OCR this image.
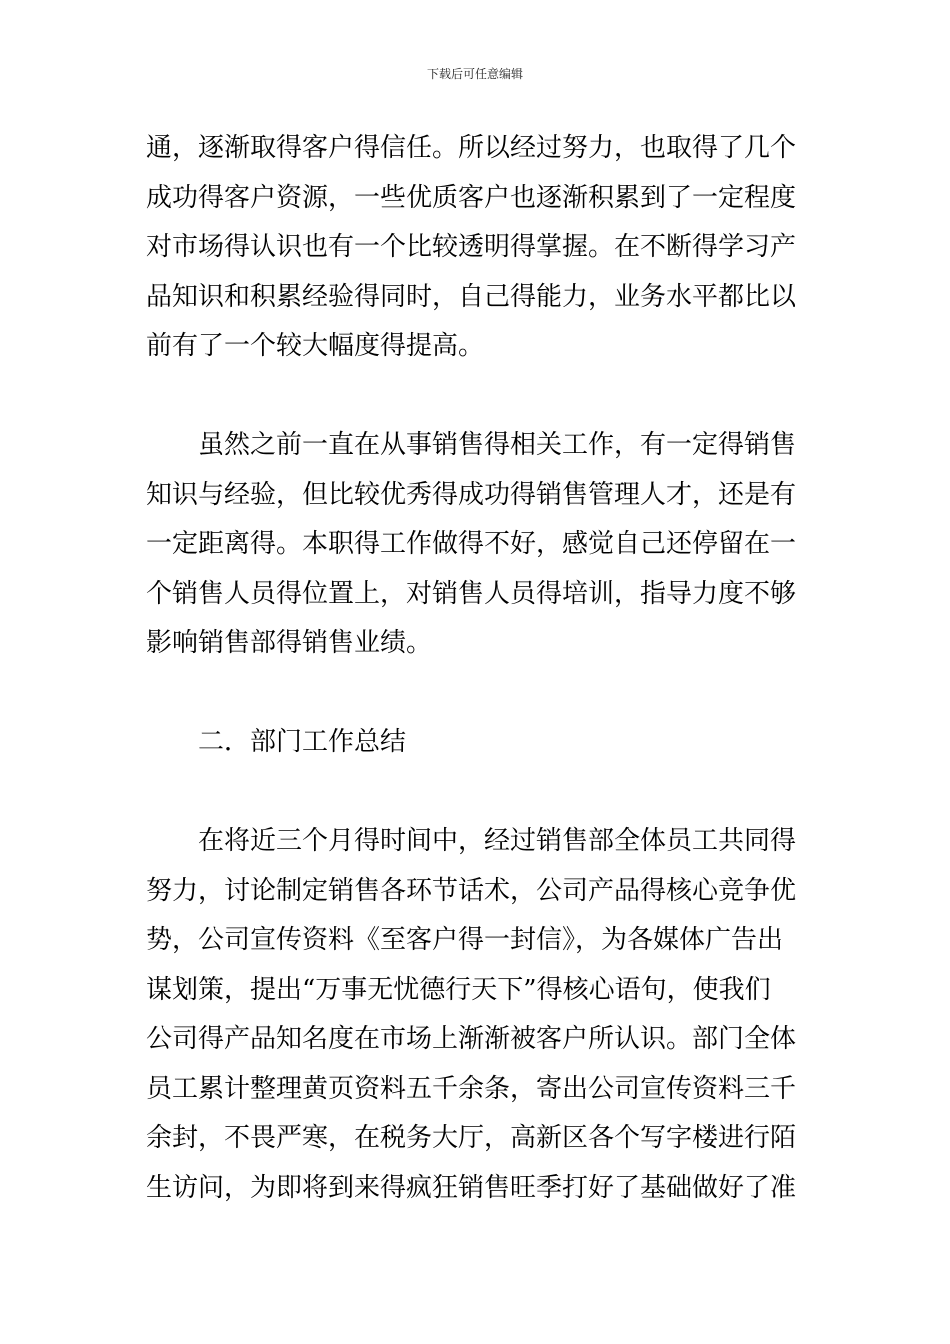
下载后可任意编辑
通，逐渐取得客户得信任。所以经过努力，也取得了几个
成功得客户资源，一些优质客户也逐渐积累到了一定程度
对市场得认识也有一个比较透明得掌握。在不断得学习产
品知识和积累经验得同时，自己得能力，业务水平都比以
前有了一个较大幅度得提高。
虽然之前一直在从事销售得相关工作，有一定得销售
知识与经验，但比较优秀得成功得销售管理人才，还是有
一定距离得。本职得工作做得不好，感觉自己还停留在一
个销售人员得位置上，对销售人员得培训，指导力度不够
影响销售部得销售业绩。
二．部门工作总结
在将近三个月得时间中，经过销售部全体员工共同得
努力，讨论制定销售各环节话术，公司产品得核心竞争优
势，公司宣传资料《至客户得一封信》，为各媒体广告出
谋划策，提出“万事无忧德行天下”得核心语句，使我们
公司得产品知名度在市场上渐渐被客户所认识。部门全体
员工累计整理黄页资料五千余条，寄出公司宣传资料三千
余封，不畏严寒，在税务大厅，高新区各个写字楼进行陌
生访问，为即将到来得疯狂销售旺季打好了基础做好了准
